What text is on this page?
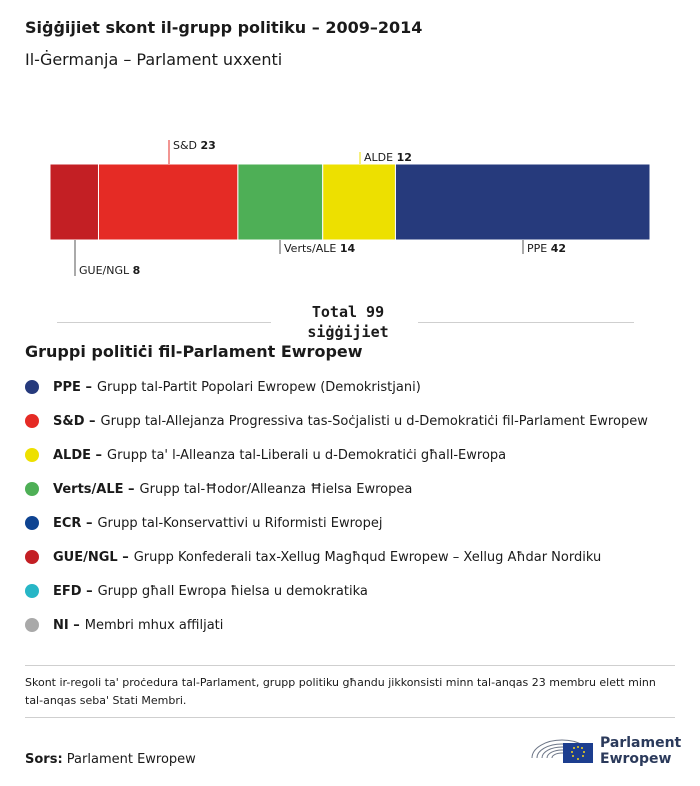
Siġġijiet skont il-grupp politiku – 2009–2014
Il-Ġermanja – Parlament uxxenti
GUE/NGL 8
S&D 23
Verts/ALE 14
ALDE 12
PPE 42
Total 99 siġġijiet
Gruppi politiċi fil-Parlament Ewropew
PPE – Grupp tal-Partit Popolari Ewropew (Demokristjani)
S&D – Grupp tal-Allejanza Progressiva tas-Soċjalisti u d-Demokratiċi fil-Parlament Ewropew
ALDE – Grupp ta' l-Alleanza tal-Liberali u d-Demokratiċi għall-Ewropa
Verts/ALE – Grupp tal-Ħodor/Alleanza Ħielsa Ewropea
ECR – Grupp tal-Konservattivi u Riformisti Ewropej
GUE/NGL – Grupp Konfederali tax-Xellug Magħqud Ewropew – Xellug Aħdar Nordiku
EFD – Grupp għall Ewropa ħielsa u demokratika
NI – Membri mhux affiljati
Skont ir-regoli ta' proċedura tal-Parlament, grupp politiku għandu jikkonsisti minn tal-anqas 23 membru elett minn tal-anqas seba' Stati Membri.
Sors: Parlament Ewropew
Parlament
Ewropew
